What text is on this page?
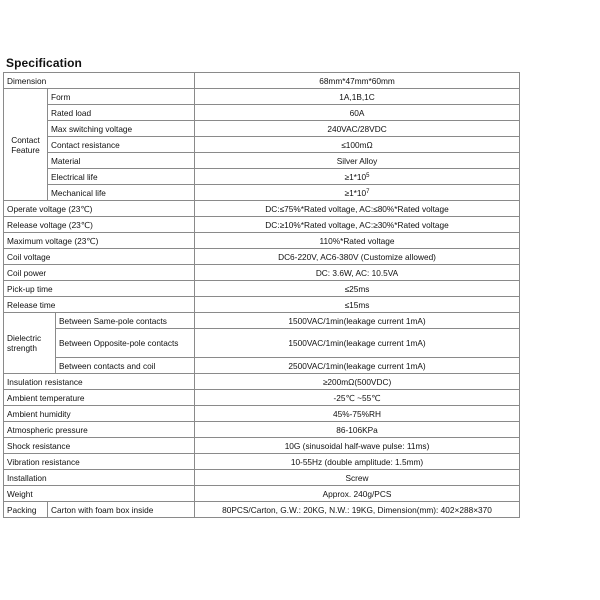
Specification
Dimension			68mm*47mm*60mm
Contact Feature	Form		1A,1B,1C
	Rated load		60A
	Max switching voltage		240VAC/28VDC
	Contact resistance		≤100mΩ
	Material		Silver Alloy
	Electrical life		$\ge 1*10^5$
	Mechanical life		$\ge 1*10^7$
Operate voltage (23℃)			DC:≤75%*Rated voltage, AC:≤80%*Rated voltage
Release voltage (23℃)			DC:≥10%*Rated voltage, AC:≥30%*Rated voltage
Maximum voltage (23℃)			110%*Rated voltage
Coil voltage			DC6-220V, AC6-380V (Customize allowed)
Coil power			DC: 3.6W, AC: 10.5VA
Pick-up time			≤25ms
Release time			≤15ms
Dielectric strength		Between Same-pole contacts	1500VAC/1min(leakage current 1mA)
		Between Opposite-pole contacts	1500VAC/1min(leakage current 1mA)
		Between contacts and coil	2500VAC/1min(leakage current 1mA)
Insulation resistance			≥200mΩ(500VDC)
Ambient temperature			-25℃ ~55℃
Ambient humidity			45%-75%RH
Atmospheric pressure			86-106KPa
Shock resistance			10G (sinusoidal half-wave pulse: 11ms)
Vibration resistance			10-55Hz (double amplitude: 1.5mm)
Installation			Screw
Weight			Approx. 240g/PCS
Packing	Carton with foam box inside		80PCS/Carton, G.W.: 20KG, N.W.: 19KG, Dimension(mm): 402×288×370
